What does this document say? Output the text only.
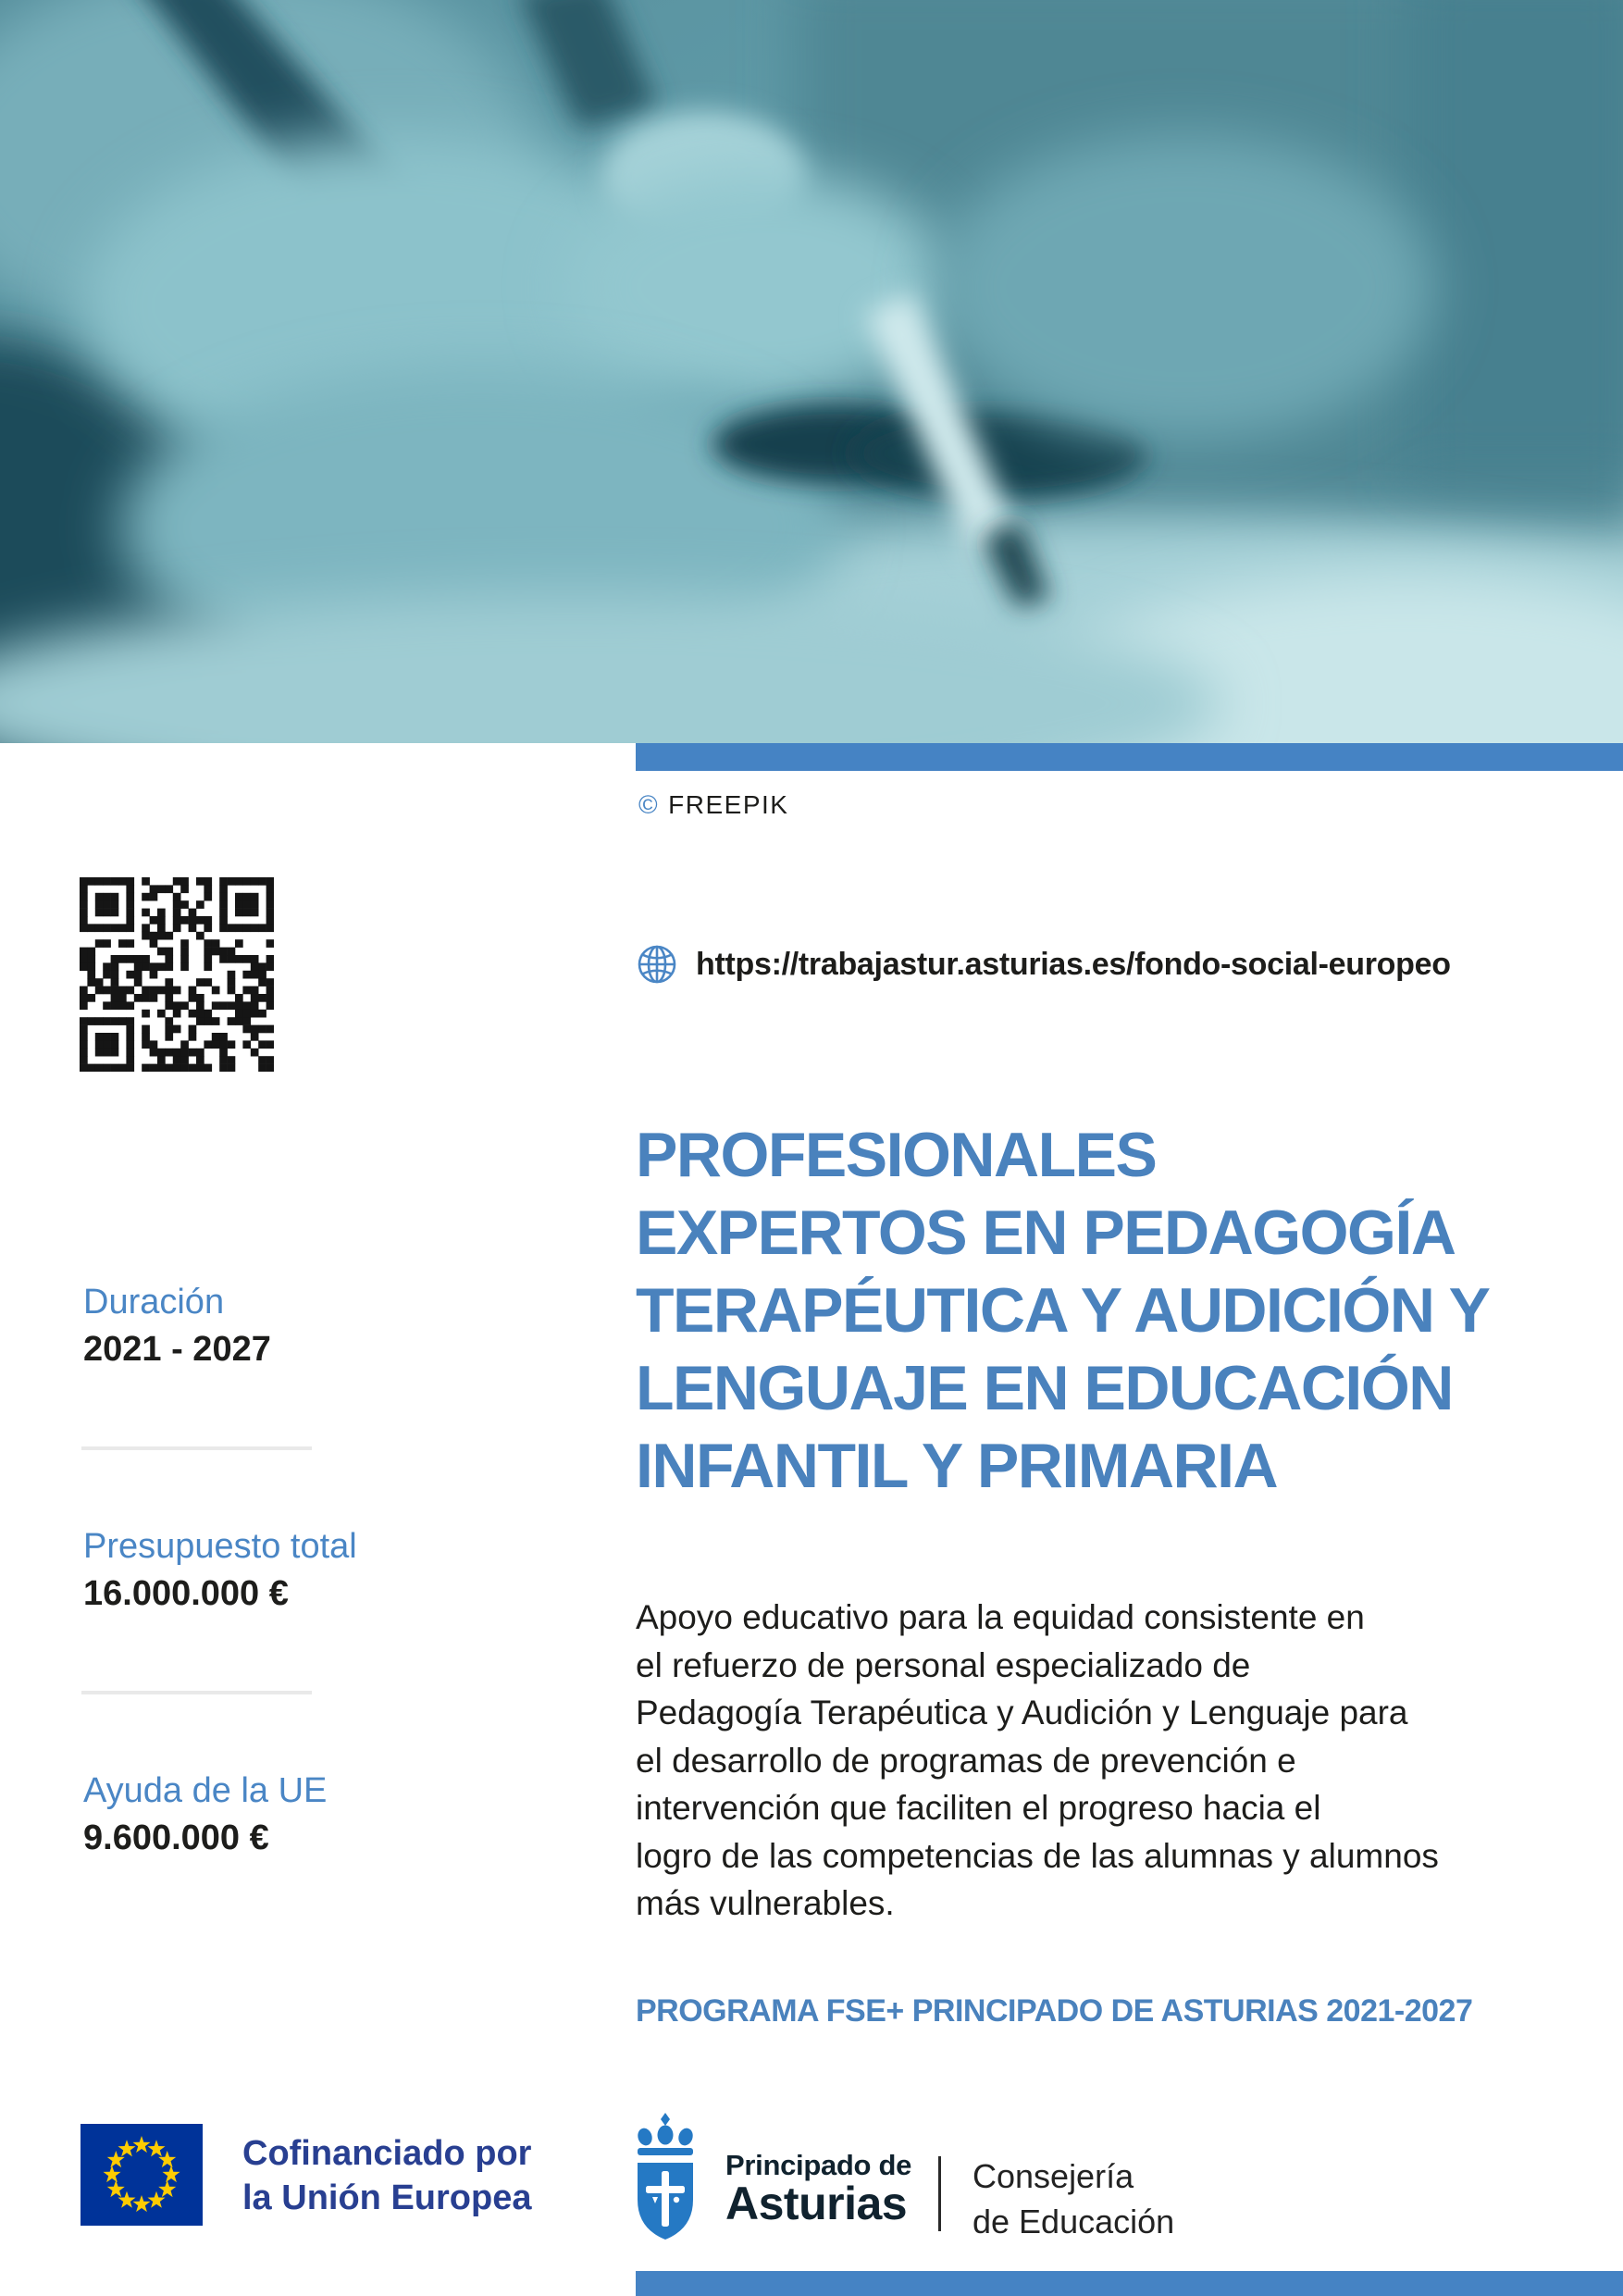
© FREEPIK
https://trabajastur.asturias.es/fondo-social-europeo
Duración
2021 - 2027
Presupuesto total
16.000.000 €
Ayuda de la UE
9.600.000 €
PROFESIONALES
EXPERTOS EN PEDAGOGÍA
TERAPÉUTICA Y AUDICIÓN Y
LENGUAJE EN EDUCACIÓN
INFANTIL Y PRIMARIA
Apoyo educativo para la equidad consistente en
el refuerzo de personal especializado de
Pedagogía Terapéutica y Audición y Lenguaje para
el desarrollo de programas de prevención e
intervención que faciliten el progreso hacia el
logro de las competencias de las alumnas y alumnos
más vulnerables.
PROGRAMA FSE+ PRINCIPADO DE ASTURIAS 2021-2027
Cofinanciado por
la Unión Europea
Principado de
Asturias
Consejería
de Educación
